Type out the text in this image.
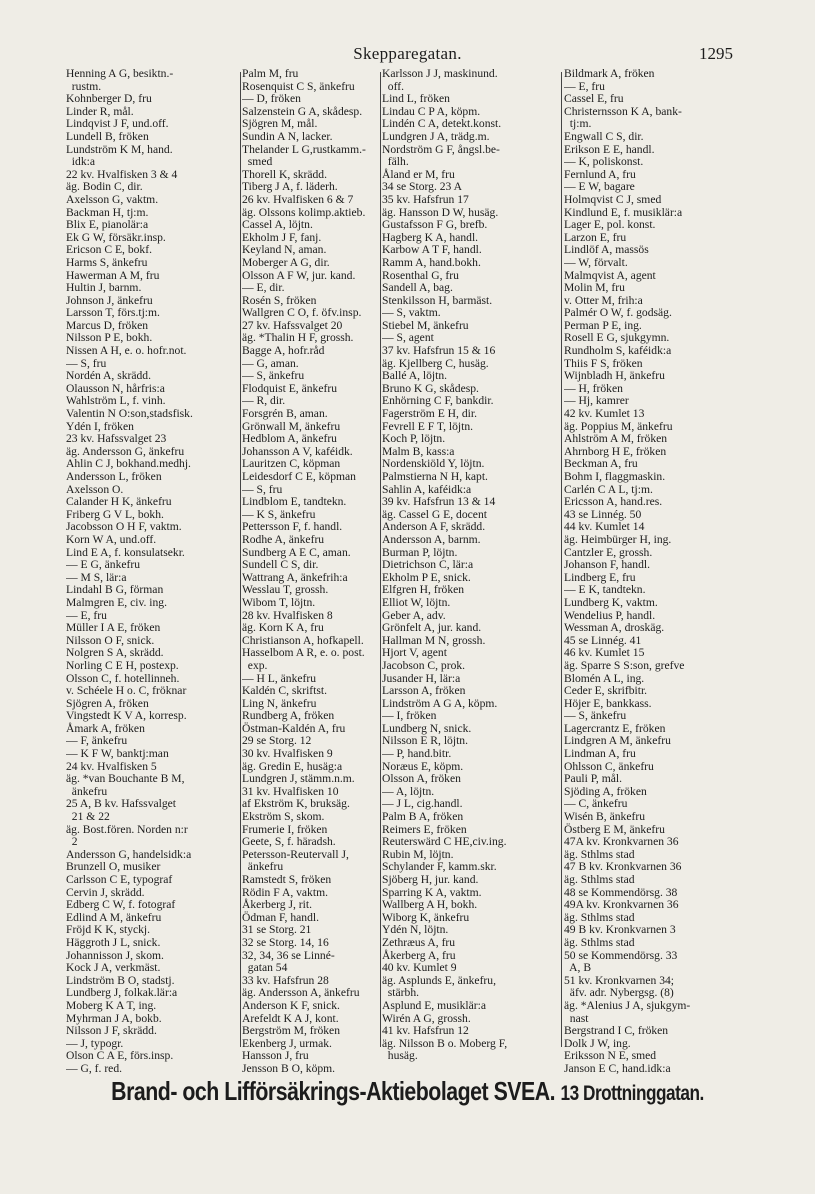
Skepparegatan.	1295
Henning A G, besiktn.-
rustm.
Kohnberger D, fru
Linder R, mål.
Lindqvist J F, und.off.
Lundell B, fröken
Lundström K M, hand.
idk:a
22 kv. Hvalfisken 3 & 4
äg. Bodin C, dir.
Axelsson G, vaktm.
Backman H, tj:m.
Blix E, pianolär:a
Ek G W, försäkr.insp.
Ericson C E, bokf.
Harms S, änkefru
Hawerman A M, fru
Hultin J, barnm.
Johnson J, änkefru
Larsson T, förs.tj:m.
Marcus D, fröken
Nilsson P E, bokh.
Nissen A H, e. o. hofr.not.
— S, fru
Nordén A, skrädd.
Olausson N, hårfris:a
Wahlström L, f. vinh.
Valentin N O:son,stadsfisk.
Ydén I, fröken
23 kv. Hafssvalget 23
äg. Andersson G, änkefru
Ahlin C J, bokhand.medhj.
Andersson L, fröken
Axelsson O.
Calander H K, änkefru
Friberg G V L, bokh.
Jacobsson O H F, vaktm.
Korn W A, und.off.
Lind E A, f. konsulatsekr.
— E G, änkefru
— M S, lär:a
Lindahl B G, förman
Malmgren E, civ. ing.
— E, fru
Müller I A E, fröken
Nilsson O F, snick.
Nolgren S A, skrädd.
Norling C E H, postexp.
Olsson C, f. hotellinneh.
v. Schéele H o. C, fröknar
Sjögren A, fröken
Vingstedt K V A, korresp.
Åmark A, fröken
— F, änkefru
— K F W, banktj:man
24 kv. Hvalfisken 5
äg. *van Bouchante B M,
änkefru
25 A, B kv. Hafssvalget
21 & 22
äg. Bost.fören. Norden n:r
2
Andersson G, handelsidk:a
Brunzell O, musiker
Carlsson C E, typograf
Cervin J, skrädd.
Edberg C W, f. fotograf
Edlind A M, änkefru
Fröjd K K, styckj.
Häggroth J L, snick.
Johannisson J, skom.
Kock J A, verkmäst.
Lindström B O, stadstj.
Lundberg J, folkak.lär:a
Moberg K A T, ing.
Myhrman J A, bokb.
Nilsson J F, skrädd.
— J, typogr.
Olson C A E, förs.insp.
— G, f. red.
Palm M, fru
Rosenquist C S, änkefru
— D, fröken
Salzenstein G A, skådesp.
Sjögren M, mål.
Sundin A N, lacker.
Thelander L G,rustkamm.-
smed
Thorell K, skrädd.
Tiberg J A, f. läderh.
26 kv. Hvalfisken 6 & 7
äg. Olssons kolimp.aktieb.
Cassel A, löjtn.
Ekholm J F, fanj.
Keyland N, aman.
Moberger A G, dir.
Olsson A F W, jur. kand.
— E, dir.
Rosén S, fröken
Wallgren C O, f. öfv.insp.
27 kv. Hafssvalget 20
äg. *Thalin H F, grossh.
Bagge A, hofr.råd
— G, aman.
— S, änkefru
Flodquist E, änkefru
— R, dir.
Forsgrén B, aman.
Grönwall M, änkefru
Hedblom A, änkefru
Johansson A V, kaféidk.
Lauritzen C, köpman
Leidesdorf C E, köpman
— S, fru
Lindblom E, tandtekn.
— K S, änkefru
Pettersson F, f. handl.
Rodhe A, änkefru
Sundberg A E C, aman.
Sundell C S, dir.
Wattrang A, änkefrih:a
Wesslau T, grossh.
Wibom T, löjtn.
28 kv. Hvalfisken 8
äg. Korn K A, fru
Christianson A, hofkapell.
Hasselbom A R, e. o. post.
exp.
— H L, änkefru
Kaldén C, skriftst.
Ling N, änkefru
Rundberg A, fröken
Östman-Kaldén A, fru
29 se Storg. 12
30 kv. Hvalfisken 9
äg. Gredin E, husäg:a
Lundgren J, stämm.n.m.
31 kv. Hvalfisken 10
af Ekström K, bruksäg.
Ekström S, skom.
Frumerie I, fröken
Geete, S, f. häradsh.
Petersson-Reutervall J,
änkefru
Ramstedt S, fröken
Rödin F A, vaktm.
Åkerberg J, rit.
Ödman F, handl.
31 se Storg. 21
32 se Storg. 14, 16
32, 34, 36 se Linné-
gatan 54
33 kv. Hafsfrun 28
äg. Andersson A, änkefru
Anderson K F, snick.
Arefeldt K A J, kont.
Bergström M, fröken
Ekenberg J, urmak.
Hansson J, fru
Jensson B O, köpm.
Karlsson J J, maskinund.
off.
Lind L, fröken
Lindau C P A, köpm.
Lindén C A, detekt.konst.
Lundgren J A, trädg.m.
Nordström G F, ångsl.be-
fälh.
Åland er M, fru
34 se Storg. 23 A
35 kv. Hafsfrun 17
äg. Hansson D W, husäg.
Gustafsson F G, brefb.
Hagberg K A, handl.
Karbow A T F, handl.
Ramm A, hand.bokh.
Rosenthal G, fru
Sandell A, bag.
Stenkilsson H, barmäst.
— S, vaktm.
Stiebel M, änkefru
— S, agent
37 kv. Hafsfrun 15 & 16
äg. Kjellberg C, husäg.
Ballé A, löjtn.
Bruno K G, skådesp.
Enhörning C F, bankdir.
Fagerström E H, dir.
Fevrell E F T, löjtn.
Koch P, löjtn.
Malm B, kass:a
Nordenskiöld Y, löjtn.
Palmstierna N H, kapt.
Sahlin A, kaféidk:a
39 kv. Hafsfrun 13 & 14
äg. Cassel G E, docent
Anderson A F, skrädd.
Andersson A, barnm.
Burman P, löjtn.
Dietrichson C, lär:a
Ekholm P E, snick.
Elfgren H, fröken
Elliot W, löjtn.
Geber A, adv.
Grönfelt A, jur. kand.
Hallman M N, grossh.
Hjort V, agent
Jacobson C, prok.
Jusander H, lär:a
Larsson A, fröken
Lindström A G A, köpm.
— I, fröken
Lundberg N, snick.
Nilsson E R, löjtn.
— P, hand.bitr.
Noræus E, köpm.
Olsson A, fröken
— A, löjtn.
— J L, cig.handl.
Palm B A, fröken
Reimers E, fröken
Reuterswärd C HE,civ.ing.
Rubin M, löjtn.
Schylander F, kamm.skr.
Sjöberg H, jur. kand.
Sparring K A, vaktm.
Wallberg A H, bokh.
Wiborg K, änkefru
Ydén N, löjtn.
Zethræus A, fru
Åkerberg A, fru
40 kv. Kumlet 9
äg. Asplunds E, änkefru,
stärbh.
Asplund E, musiklär:a
Wirén A G, grossh.
41 kv. Hafsfrun 12
äg. Nilsson B o. Moberg F,
husäg.
Bildmark A, fröken
— E, fru
Cassel E, fru
Christernsson K A, bank-
tj:m.
Engwall C S, dir.
Erikson E E, handl.
— K, poliskonst.
Fernlund A, fru
— E W, bagare
Holmqvist C J, smed
Kindlund E, f. musiklär:a
Lager E, pol. konst.
Larzon E, fru
Lindlöf A, massös
— W, förvalt.
Malmqvist A, agent
Molin M, fru
v. Otter M, frih:a
Palmér O W, f. godsäg.
Perman P E, ing.
Rosell E G, sjukgymn.
Rundholm S, kaféidk:a
Thiis F S, fröken
Wijnbladh H, änkefru
— H, fröken
— Hj, kamrer
42 kv. Kumlet 13
äg. Poppius M, änkefru
Ahlström A M, fröken
Ahrnborg H E, fröken
Beckman A, fru
Bohm I, flaggmaskin.
Carlén C A L, tj:m.
Ericsson A, hand.res.
43 se Linnég. 50
44 kv. Kumlet 14
äg. Heimbürger H, ing.
Cantzler E, grossh.
Johanson F, handl.
Lindberg E, fru
— E K, tandtekn.
Lundberg K, vaktm.
Wendelius P, handl.
Wessman A, droskäg.
45 se Linnég. 41
46 kv. Kumlet 15
äg. Sparre S S:son, grefve
Blomén A L, ing.
Ceder E, skrifbitr.
Höjer E, bankkass.
— S, änkefru
Lagercrantz E, fröken
Lindgren A M, änkefru
Lindman A, fru
Ohlsson C, änkefru
Pauli P, mål.
Sjöding A, fröken
— C, änkefru
Wisén B, änkefru
Östberg E M, änkefru
47A kv. Kronkvarnen 36
äg. Sthlms stad
47 B kv. Kronkvarnen 36
äg. Sthlms stad
48 se Kommendörsg. 38
49A kv. Kronkvarnen 36
äg. Sthlms stad
49 B kv. Kronkvarnen 3
äg. Sthlms stad
50 se Kommendörsg. 33
A, B
51 kv. Kronkvarnen 34;
äfv. adr. Nybergsg. (8)
äg. *Alenius J A, sjukgym-
nast
Bergstrand I C, fröken
Dolk J W, ing.
Eriksson N E, smed
Janson E C, hand.idk:a
Brand- och Lifförsäkrings-Aktiebolaget SVEA. 13 Drottninggatan.
